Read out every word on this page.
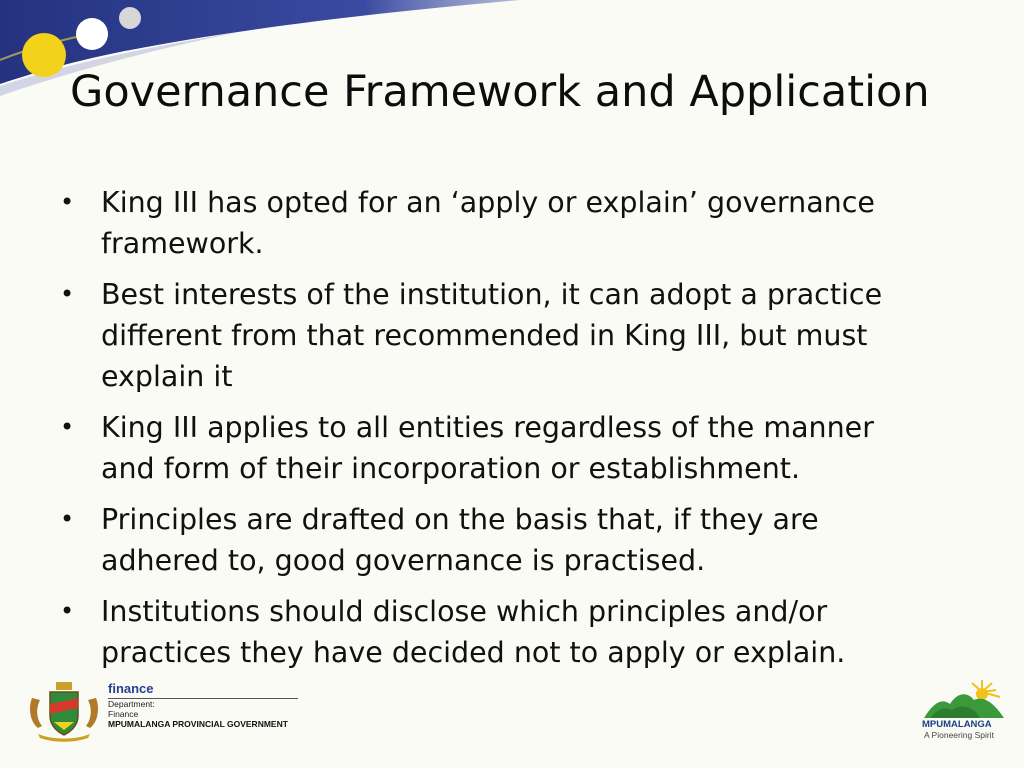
Governance Framework and Application
• King III has opted for an ‘apply or explain’ governance
framework.
• Best interests of the institution, it can adopt a practice
different from that recommended in King III, but must
explain it
• King III applies to all entities regardless of the manner
and form of their incorporation or establishment.
• Principles are drafted on the basis that, if they are
adhered to, good governance is practised.
• Institutions should disclose which principles and/or
practices they have decided not to apply or explain.
finance
Department:
Finance
MPUMALANGA PROVINCIAL GOVERNMENT	MPUMALANGA
A Pioneering Spirit
